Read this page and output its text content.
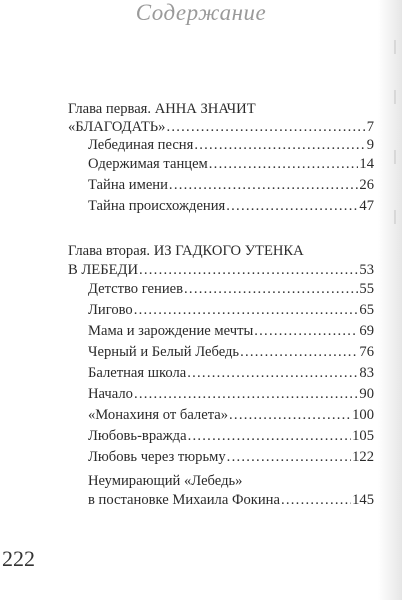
Содержание
Глава первая. АННА ЗНАЧИТ
«БЛАГОДАТЬ» . . .	7
Лебединая песня . . .	9
Одержимая танцем . . .	14
Тайна имени . . .	26
Тайна происхождения . . .	47
Глава вторая. ИЗ ГАДКОГО УТЕНКА
В ЛЕБЕДИ . . .	53
Детство гениев . . .	55
Лигово . . .	65
Мама и зарождение мечты . . .	69
Черный и Белый Лебедь . . .	76
Балетная школа . . .	83
Начало . . .	90
«Монахиня от балета» . . .	100
Любовь-вражда . . .	105
Любовь через тюрьму . . .	122
Неумирающий «Лебедь»
в постановке Михаила Фокина . . .	145
222
